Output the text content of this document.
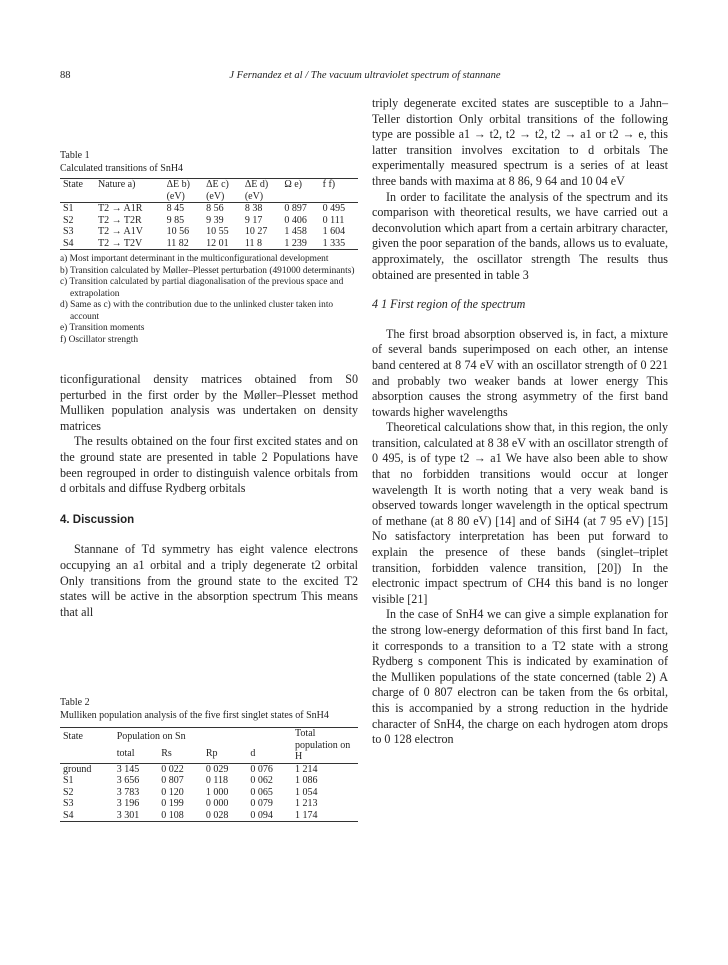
88	J Fernandez et al / The vacuum ultraviolet spectrum of stannane
Table 1
Calculated transitions of SnH4
State	Nature a)	ΔE b)	ΔE c)	ΔE d)	Ω e)	f f)
		(eV)	(eV)	(eV)		
S1	T2 → A1R	8 45	8 56	8 38	0 897	0 495
S2	T2 → T2R	9 85	9 39	9 17	0 406	0 111
S3	T2 → A1V	10 56	10 55	10 27	1 458	1 604
S4	T2 → T2V	11 82	12 01	11 8	1 239	1 335
a) Most important determinant in the multiconfigurational development
b) Transition calculated by Møller–Plesset perturbation (491000 determinants)
c) Transition calculated by partial diagonalisation of the previous space and extrapolation
d) Same as c) with the contribution due to the unlinked cluster taken into account
e) Transition moments
f) Oscillator strength

ticonfigurational density matrices obtained from S0 perturbed in the first order by the Møller–Plesset method Mulliken population analysis was undertaken on density matrices

The results obtained on the four first excited states and on the ground state are presented in table 2 Populations have been regrouped in order to distinguish valence orbitals from d orbitals and diffuse Rydberg orbitals

4. Discussion

Stannane of Td symmetry has eight valence electrons occupying an a1 orbital and a triply degenerate t2 orbital Only transitions from the ground state to the excited T2 states will be active in the absorption spectrum This means that all

Table 2
Mulliken population analysis of the five first singlet states of SnH4
State	Population on Sn				Total population on H
	total	Rs	Rp	d	
ground	3 145	0 022	0 029	0 076	1 214
S1	3 656	0 807	0 118	0 062	1 086
S2	3 783	0 120	1 000	0 065	1 054
S3	3 196	0 199	0 000	0 079	1 213
S4	3 301	0 108	0 028	0 094	1 174

triply degenerate excited states are susceptible to a Jahn–Teller distortion Only orbital transitions of the following type are possible a1 → t2, t2 → t2, t2 → a1 or t2 → e, this latter transition involves excitation to d orbitals The experimentally measured spectrum is a series of at least three bands with maxima at 8 86, 9 64 and 10 04 eV

In order to facilitate the analysis of the spectrum and its comparison with theoretical results, we have carried out a deconvolution which apart from a certain arbitrary character, given the poor separation of the bands, allows us to evaluate, approximately, the oscillator strength The results thus obtained are presented in table 3

4 1 First region of the spectrum

The first broad absorption observed is, in fact, a mixture of several bands superimposed on each other, an intense band centered at 8 74 eV with an oscillator strength of 0 221 and probably two weaker bands at lower energy This absorption causes the strong asymmetry of the first band towards higher wavelengths

Theoretical calculations show that, in this region, the only transition, calculated at 8 38 eV with an oscillator strength of 0 495, is of type t2 → a1 We have also been able to show that no forbidden transitions would occur at longer wavelength It is worth noting that a very weak band is observed towards longer wavelength in the optical spectrum of methane (at 8 80 eV) [14] and of SiH4 (at 7 95 eV) [15] No satisfactory interpretation has been put forward to explain the presence of these bands (singlet–triplet transition, forbidden valence transition, [20]) In the electronic impact spectrum of CH4 this band is no longer visible [21]

In the case of SnH4 we can give a simple explanation for the strong low-energy deformation of this first band In fact, it corresponds to a transition to a T2 state with a strong Rydberg s component This is indicated by examination of the Mulliken populations of the state concerned (table 2) A charge of 0 807 electron can be taken from the 6s orbital, this is accompanied by a strong reduction in the hydride character of SnH4, the charge on each hydrogen atom drops to 0 128 electron
